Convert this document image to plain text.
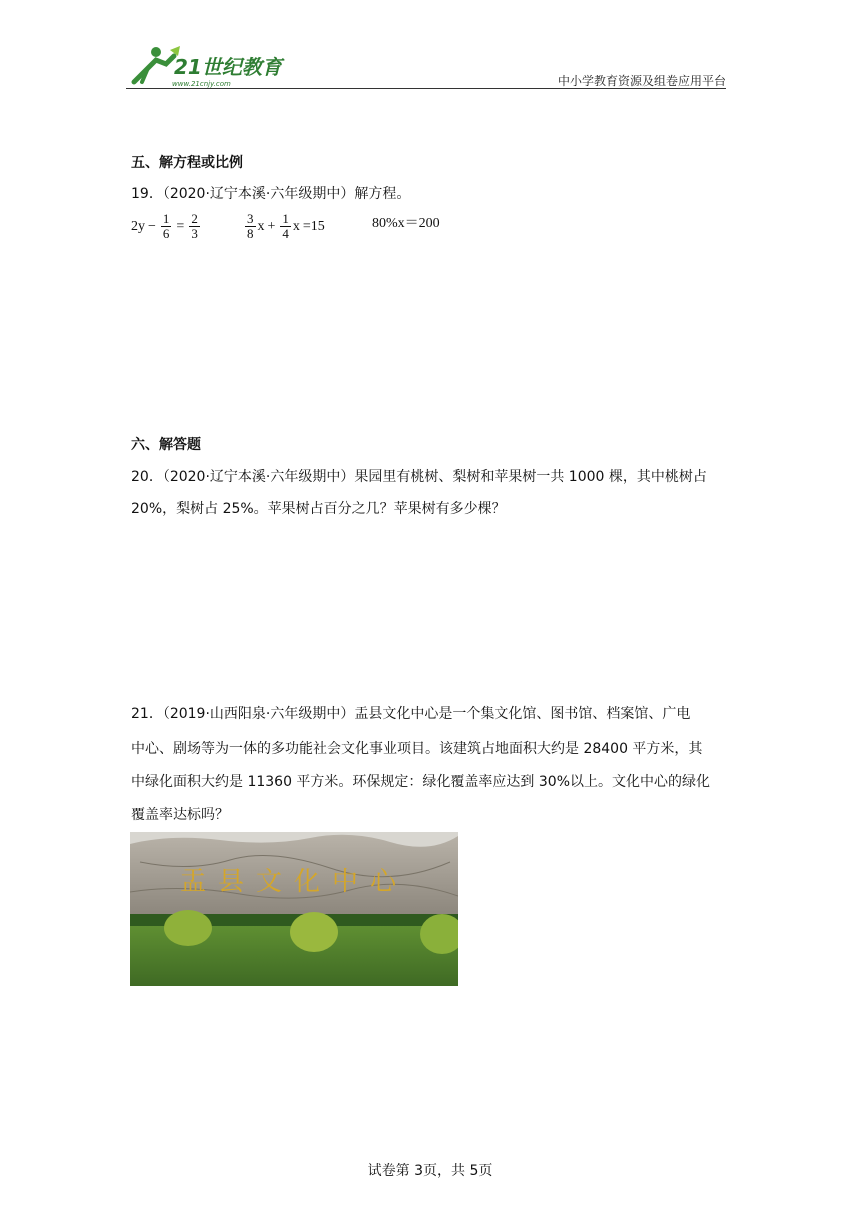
21世纪教育
www.21cnjy.com	中小学教育资源及组卷应用平台
五、解方程或比例
19．（2020·辽宁本溪·六年级期中）解方程。
$2y - \frac{1}{6} = \frac{2}{3}$	$\frac{3}{8}$ $x + \frac{1}{4}$ x =15	80%x＝200
六、解答题
20．（2020·辽宁本溪·六年级期中）果园里有桃树、梨树和苹果树一共 1000 棵，其中桃树占
20%，梨树占 25%。苹果树占百分之几？苹果树有多少棵？
21．（2019·山西阳泉·六年级期中）盂县文化中心是一个集文化馆、图书馆、档案馆、广电
中心、剧场等为一体的多功能社会文化事业项目。该建筑占地面积大约是 28400 平方米，其
中绿化面积大约是 11360 平方米。环保规定：绿化覆盖率应达到 30%以上。文化中心的绿化
覆盖率达标吗？
盂县文化中心
试卷第 3页，共 5页
